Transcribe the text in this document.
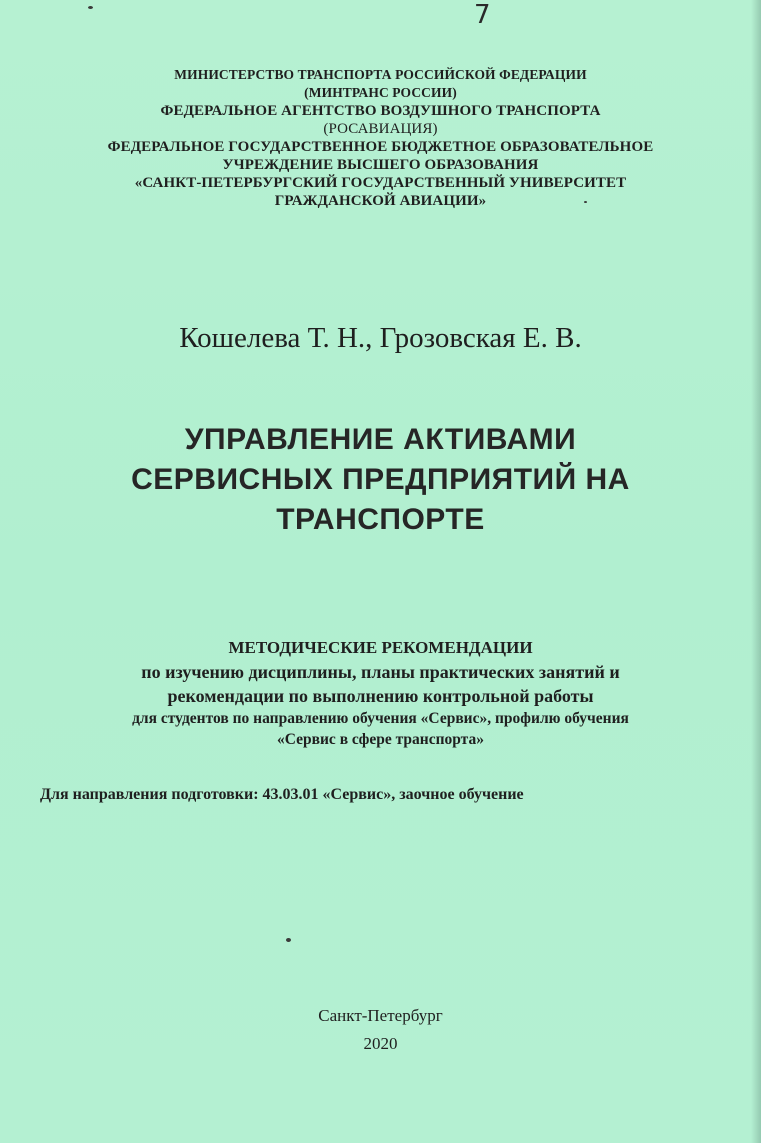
7
МИНИСТЕРСТВО ТРАНСПОРТА РОССИЙСКОЙ ФЕДЕРАЦИИ
(МИНТРАНС РОССИИ)
ФЕДЕРАЛЬНОЕ АГЕНТСТВО ВОЗДУШНОГО ТРАНСПОРТА
(РОСАВИАЦИЯ)
ФЕДЕРАЛЬНОЕ ГОСУДАРСТВЕННОЕ БЮДЖЕТНОЕ ОБРАЗОВАТЕЛЬНОЕ
УЧРЕЖДЕНИЕ ВЫСШЕГО ОБРАЗОВАНИЯ
«САНКТ-ПЕТЕРБУРГСКИЙ ГОСУДАРСТВЕННЫЙ УНИВЕРСИТЕТ
ГРАЖДАНСКОЙ АВИАЦИИ»
Кошелева Т. Н., Грозовская Е. В.
УПРАВЛЕНИЕ АКТИВАМИ
СЕРВИСНЫХ ПРЕДПРИЯТИЙ НА
ТРАНСПОРТЕ
МЕТОДИЧЕСКИЕ РЕКОМЕНДАЦИИ
по изучению дисциплины, планы практических занятий и
рекомендации по выполнению контрольной работы
для студентов по направлению обучения «Сервис», профилю обучения
«Сервис в сфере транспорта»
Для направления подготовки: 43.03.01 «Сервис», заочное обучение
Санкт-Петербург
2020
